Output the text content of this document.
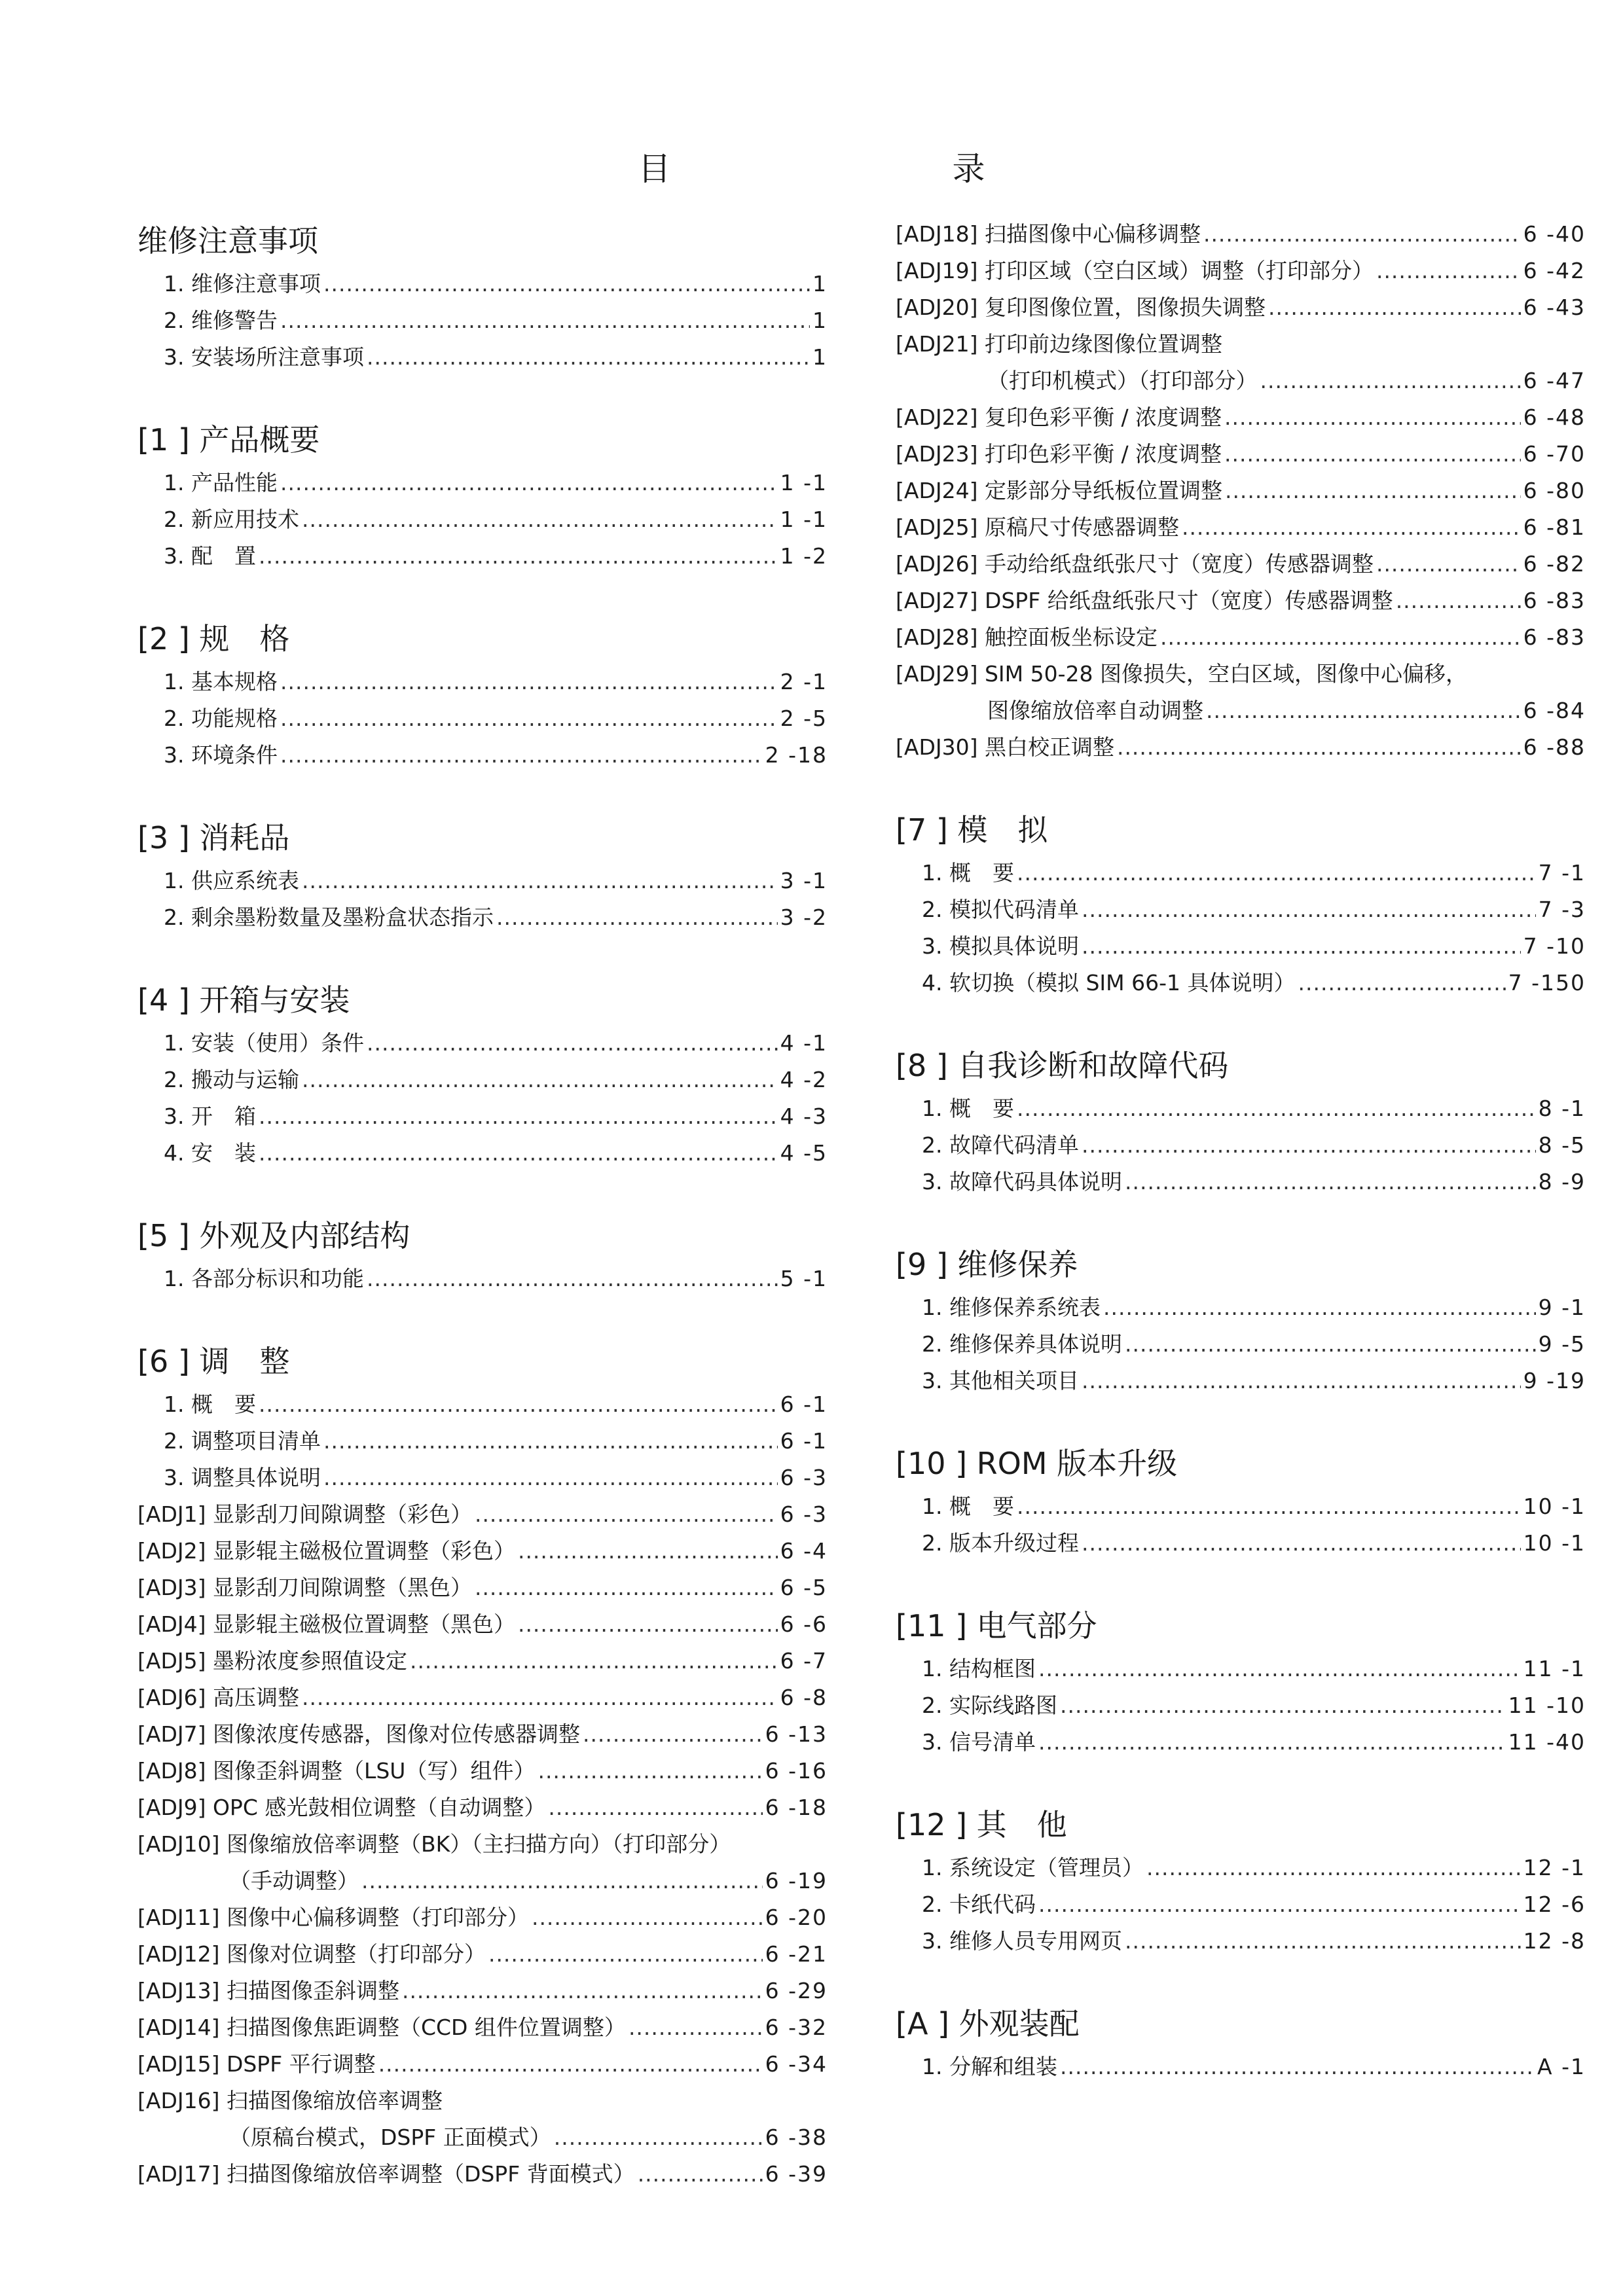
目　　录
维修注意事项
1. 维修注意事项 .....	1
2. 维修警告 .....	1
3. 安装场所注意事项 .....	1
[1 ] 产品概要
1. 产品性能 .....	1 -1
2. 新应用技术 .....	1 -1
3. 配　置 .....	1 -2
[2 ] 规　格
1. 基本规格 .....	2 -1
2. 功能规格 .....	2 -5
3. 环境条件 .....	2 -18
[3 ] 消耗品
1. 供应系统表 .....	3 -1
2. 剩余墨粉数量及墨粉盒状态指示 .....	3 -2
[4 ] 开箱与安装
1. 安装（使用）条件 .....	4 -1
2. 搬动与运输 .....	4 -2
3. 开　箱 .....	4 -3
4. 安　装 .....	4 -5
[5 ] 外观及内部结构
1. 各部分标识和功能 .....	5 -1
[6 ] 调　整
1. 概　要 .....	6 -1
2. 调整项目清单 .....	6 -1
3. 调整具体说明 .....	6 -3
[ADJ1] 显影刮刀间隙调整（彩色） .....	6 -3
[ADJ2] 显影辊主磁极位置调整（彩色） .....	6 -4
[ADJ3] 显影刮刀间隙调整（黑色） .....	6 -5
[ADJ4] 显影辊主磁极位置调整（黑色） .....	6 -6
[ADJ5] 墨粉浓度参照值设定 .....	6 -7
[ADJ6] 高压调整 .....	6 -8
[ADJ7] 图像浓度传感器，图像对位传感器调整 .....	6 -13
[ADJ8] 图像歪斜调整（LSU（写）组件） .....	6 -16
[ADJ9] OPC 感光鼓相位调整（自动调整） .....	6 -18
[ADJ10] 图像缩放倍率调整（BK）（主扫描方向）（打印部分）
（手动调整） .....	6 -19
[ADJ11] 图像中心偏移调整（打印部分） .....	6 -20
[ADJ12] 图像对位调整（打印部分） .....	6 -21
[ADJ13] 扫描图像歪斜调整 .....	6 -29
[ADJ14] 扫描图像焦距调整（CCD 组件位置调整） .....	6 -32
[ADJ15] DSPF 平行调整 .....	6 -34
[ADJ16] 扫描图像缩放倍率调整
（原稿台模式，DSPF 正面模式） .....	6 -38
[ADJ17] 扫描图像缩放倍率调整（DSPF 背面模式） .....	6 -39
[ADJ18] 扫描图像中心偏移调整 .....	6 -40
[ADJ19] 打印区域（空白区域）调整（打印部分） .....	6 -42
[ADJ20] 复印图像位置，图像损失调整 .....	6 -43
[ADJ21] 打印前边缘图像位置调整
（打印机模式）（打印部分） .....	6 -47
[ADJ22] 复印色彩平衡 / 浓度调整 .....	6 -48
[ADJ23] 打印色彩平衡 / 浓度调整 .....	6 -70
[ADJ24] 定影部分导纸板位置调整 .....	6 -80
[ADJ25] 原稿尺寸传感器调整 .....	6 -81
[ADJ26] 手动给纸盘纸张尺寸（宽度）传感器调整 .....	6 -82
[ADJ27] DSPF 给纸盘纸张尺寸（宽度）传感器调整 .....	6 -83
[ADJ28] 触控面板坐标设定 .....	6 -83
[ADJ29] SIM 50-28 图像损失，空白区域，图像中心偏移，
图像缩放倍率自动调整 .....	6 -84
[ADJ30] 黑白校正调整 .....	6 -88
[7 ] 模　拟
1. 概　要 .....	7 -1
2. 模拟代码清单 .....	7 -3
3. 模拟具体说明 .....	7 -10
4. 软切换（模拟 SIM 66-1 具体说明） .....	7 -150
[8 ] 自我诊断和故障代码
1. 概　要 .....	8 -1
2. 故障代码清单 .....	8 -5
3. 故障代码具体说明 .....	8 -9
[9 ] 维修保养
1. 维修保养系统表 .....	9 -1
2. 维修保养具体说明 .....	9 -5
3. 其他相关项目 .....	9 -19
[10 ] ROM 版本升级
1. 概　要 .....	10 -1
2. 版本升级过程 .....	10 -1
[11 ] 电气部分
1. 结构框图 .....	11 -1
2. 实际线路图 .....	11 -10
3. 信号清单 .....	11 -40
[12 ] 其　他
1. 系统设定（管理员） .....	12 -1
2. 卡纸代码 .....	12 -6
3. 维修人员专用网页 .....	12 -8
[A ] 外观装配
1. 分解和组装 .....	A -1
